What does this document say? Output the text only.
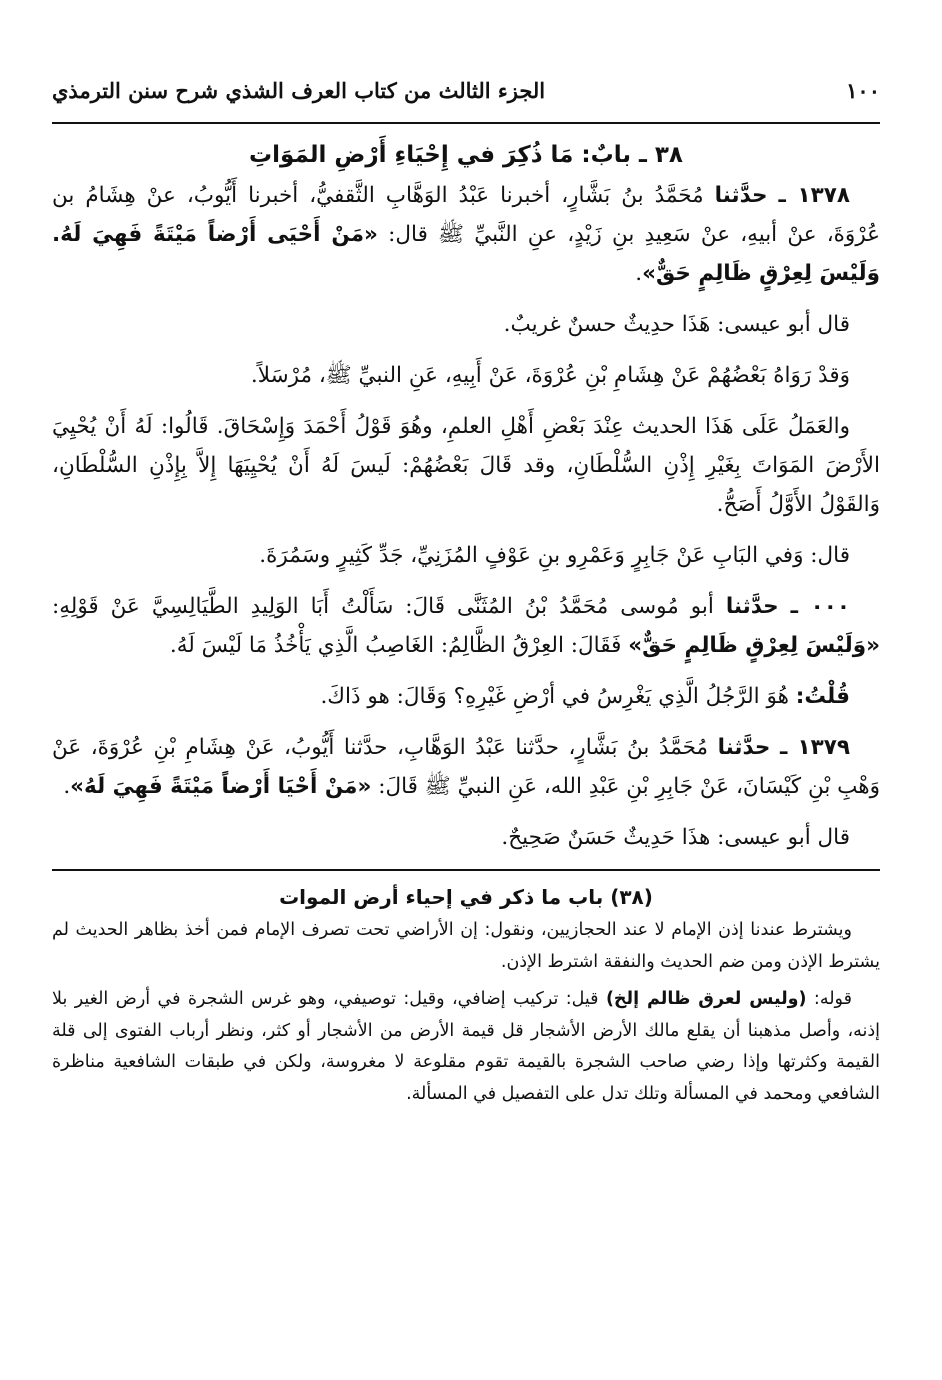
١٠٠
الجزء الثالث من كتاب العرف الشذي شرح سنن الترمذي
٣٨ ـ بابٌ: مَا ذُكِرَ في إِحْيَاءِ أَرْضِ المَوَاتِ

١٣٧٨ ـ حدَّثنا مُحَمَّدُ بنُ بَشَّارٍ، أخبرنا عَبْدُ الوَهَّابِ الثَّقفيُّ، أخبرنا أَيُّوبُ، عنْ هِشَامُ بن عُرْوَةَ، عنْ أبيهِ، عنْ سَعِيدِ بنِ زَيْدٍ، عنِ النَّبيِّ ﷺ قال: «مَنْ أَحْيَى أَرْضاً مَيْتَةً فَهِيَ لَهُ. وَلَيْسَ لِعِرْقٍ ظَالِمٍ حَقٌّ».

قال أبو عيسى: هَذَا حدِيثٌ حسنٌ غريبٌ.

وَقدْ رَوَاهُ بَعْضُهُمْ عَنْ هِشَامِ بْنِ عُرْوَةَ، عَنْ أَبِيهِ، عَنِ النبيِّ ﷺ، مُرْسَلاً.

والعَمَلُ عَلَى هَذَا الحديث عِنْدَ بَعْضِ أَهْلِ العلمِ، وهُوَ قَوْلُ أَحْمَدَ وَإِسْحَاقَ. قَالُوا: لَهُ أَنْ يُحْيِيَ الأَرْضَ المَوَاتَ بِغَيْرِ إِذْنِ السُّلْطَانِ، وقد قَالَ بَعْضُهُمْ: لَيسَ لَهُ أَنْ يُحْيِيَهَا إِلاَّ بِإِذْنِ السُّلْطَانِ، وَالقَوْلُ الأَوَّلُ أَصَحُّ.

قال: وَفي البَابِ عَنْ جَابِرٍ وَعَمْرِو بنِ عَوْفٍ المُزَنِيِّ، جَدِّ كَثِيرٍ وسَمُرَةَ.

٠٠٠ ـ حدَّثنا أبو مُوسى مُحَمَّدُ بْنُ المُثَنَّى قَالَ: سَأَلْتُ أَبَا الوَلِيدِ الطَّيَالِسِيَّ عَنْ قَوْلِهِ: «وَلَيْسَ لِعِرْقٍ ظَالِمٍ حَقٌّ» فَقَالَ: العِرْقُ الظَّالِمُ: الغَاصِبُ الَّذِي يَأْخُذُ مَا لَيْسَ لَهُ.

قُلْتُ: هُوَ الرَّجُلُ الَّذِي يَغْرِسُ في أرْضِ غَيْرِهِ؟ وَقَالَ: هو ذَاكَ.

١٣٧٩ ـ حدَّثنا مُحَمَّدُ بنُ بَشَّارٍ، حدَّثنا عَبْدُ الوَهَّابِ، حدَّثنا أَيُّوبُ، عَنْ هِشَامِ بْنِ عُرْوَةَ، عَنْ وَهْبِ بْنِ كَيْسَانَ، عَنْ جَابِرِ بْنِ عَبْدِ الله، عَنِ النبيِّ ﷺ قَالَ: «مَنْ أَحْيَا أَرْضاً مَيْتَةً فَهِيَ لَهُ».

قال أبو عيسى: هذَا حَدِيثٌ حَسَنٌ صَحِيحٌ.

(٣٨) باب ما ذكر في إحياء أرض الموات

ويشترط عندنا إذن الإمام لا عند الحجازيين، ونقول: إن الأراضي تحت تصرف الإمام فمن أخذ بظاهر الحديث لم يشترط الإذن ومن ضم الحديث والنفقة اشترط الإذن.

قوله: (وليس لعرق ظالم إلخ) قيل: تركيب إضافي، وقيل: توصيفي، وهو غرس الشجرة في أرض الغير بلا إذنه، وأصل مذهبنا أن يقلع مالك الأرض الأشجار قل قيمة الأرض من الأشجار أو كثر، ونظر أرباب الفتوى إلى قلة القيمة وكثرتها وإذا رضي صاحب الشجرة بالقيمة تقوم مقلوعة لا مغروسة، ولكن في طبقات الشافعية مناظرة الشافعي ومحمد في المسألة وتلك تدل على التفصيل في المسألة.
